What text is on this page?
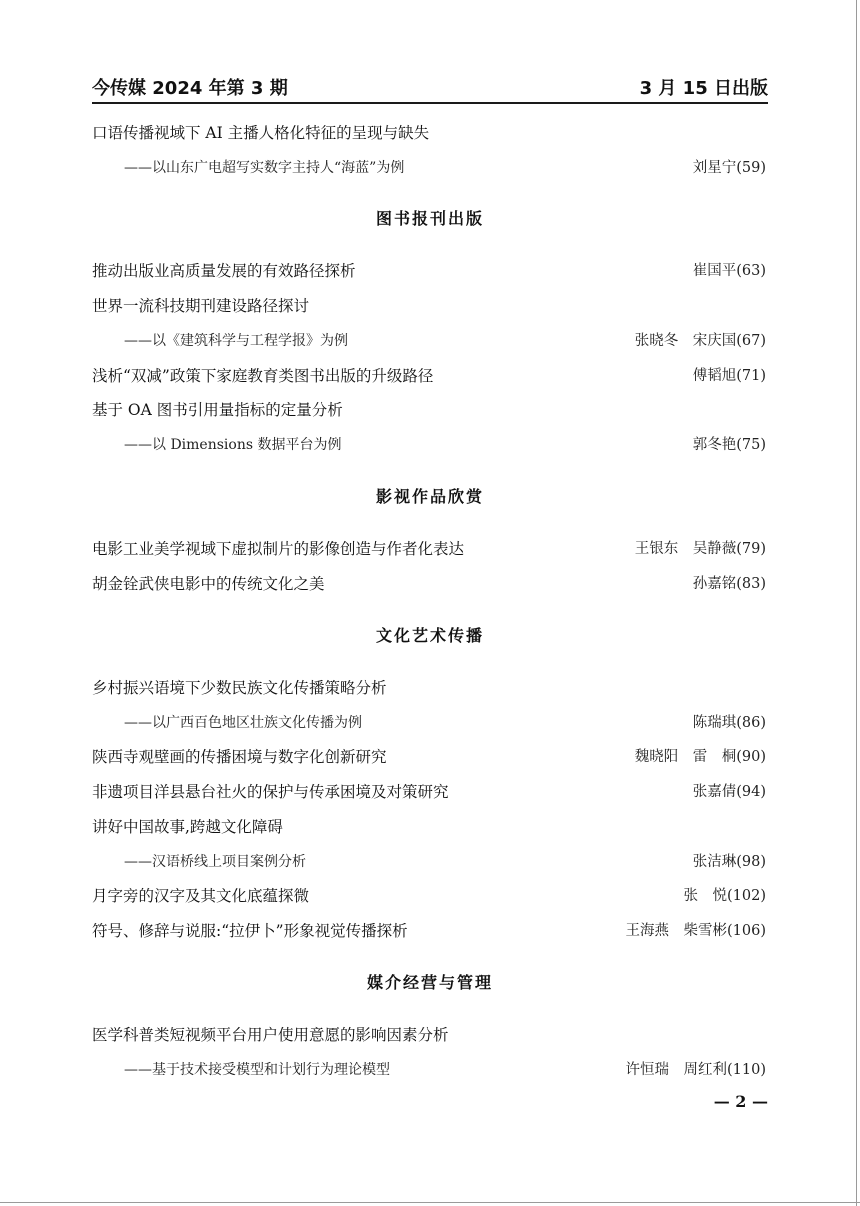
今传媒 2024 年第 3 期	3 月 15 日出版
口语传播视域下 AI 主播人格化特征的呈现与缺失
——以山东广电超写实数字主持人“海蓝”为例	刘星宁(59)
图书报刊出版
推动出版业高质量发展的有效路径探析	崔国平(63)
世界一流科技期刊建设路径探讨
——以《建筑科学与工程学报》为例	张晓冬　宋庆国(67)
浅析“双减”政策下家庭教育类图书出版的升级路径	傅韬旭(71)
基于 OA 图书引用量指标的定量分析
——以 Dimensions 数据平台为例	郭冬艳(75)
影视作品欣赏
电影工业美学视域下虚拟制片的影像创造与作者化表达	王银东　吴静薇(79)
胡金铨武侠电影中的传统文化之美	孙嘉铭(83)
文化艺术传播
乡村振兴语境下少数民族文化传播策略分析
——以广西百色地区壮族文化传播为例	陈瑞琪(86)
陕西寺观壁画的传播困境与数字化创新研究	魏晓阳　雷　桐(90)
非遗项目洋县悬台社火的保护与传承困境及对策研究	张嘉倩(94)
讲好中国故事,跨越文化障碍
——汉语桥线上项目案例分析	张洁琳(98)
月字旁的汉字及其文化底蕴探微	张　悦(102)
符号、修辞与说服:“拉伊卜”形象视觉传播探析	王海燕　柴雪彬(106)
媒介经营与管理
医学科普类短视频平台用户使用意愿的影响因素分析
——基于技术接受模型和计划行为理论模型	许恒瑞　周红利(110)
— 2 —
